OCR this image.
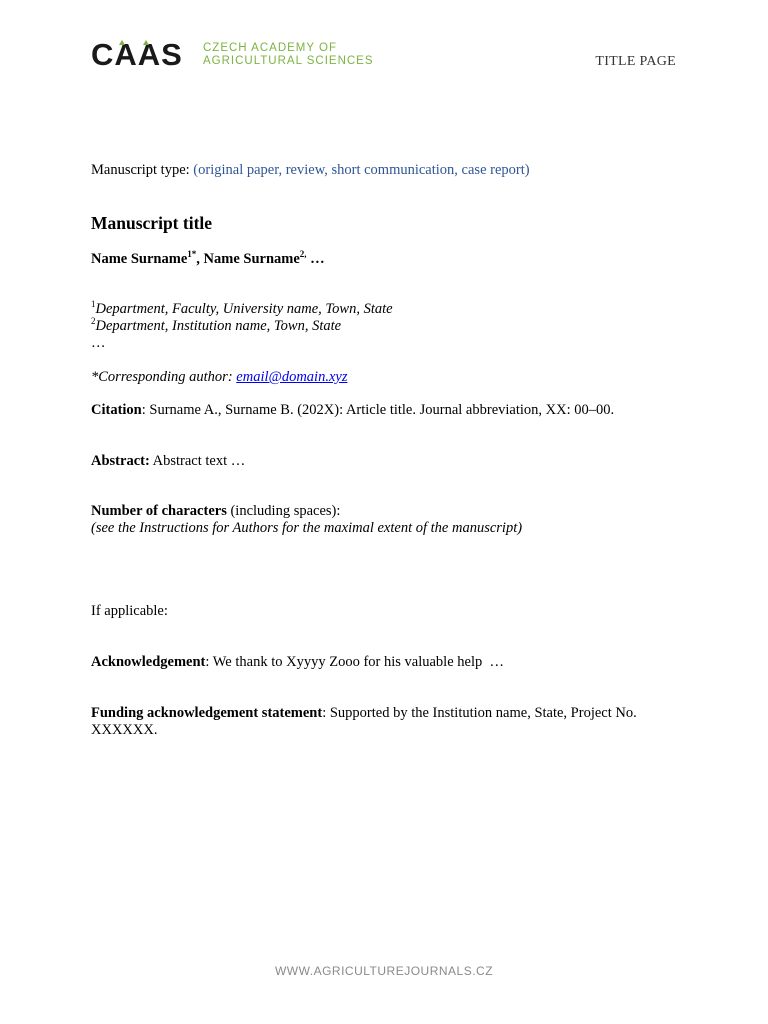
CAAS CZECH ACADEMY OF
AGRICULTURAL SCIENCES	TITLE PAGE
Manuscript type: (original paper, review, short communication, case report)
Manuscript title
Name Surname$^{1*}$, Name Surname$^{2,}$ …
$^1$Department, Faculty, University name, Town, State
$^2$Department, Institution name, Town, State
…
*Corresponding author: email@domain.xyz
Citation: Surname A., Surname B. (202X): Article title. Journal abbreviation, XX: 00–00.
Abstract: Abstract text …
Number of characters (including spaces):
(see the Instructions for Authors for the maximal extent of the manuscript)
If applicable:
Acknowledgement: We thank to Xyyyy Zooo for his valuable help  …
Funding acknowledgement statement: Supported by the Institution name, State, Project No.
XXXXXX.
WWW.AGRICULTUREJOURNALS.CZ
